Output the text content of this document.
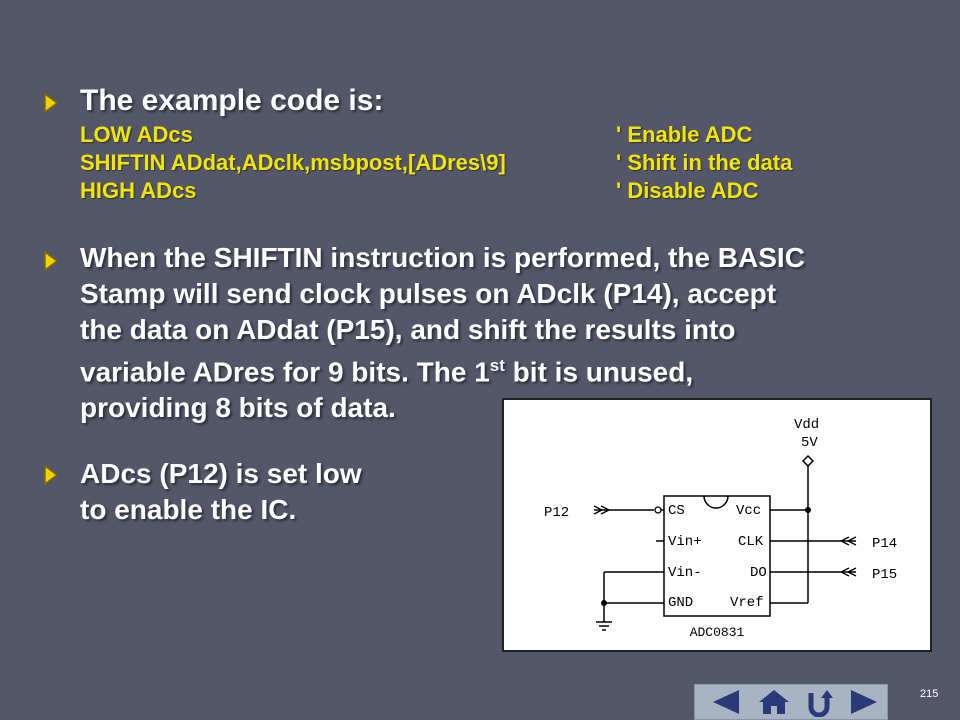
The example code is:
LOW ADcs	' Enable ADC
SHIFTIN ADdat,ADclk,msbpost,[ADres\9]	' Shift in the data
HIGH ADcs	' Disable ADC
When the SHIFTIN instruction is performed, the BASIC
Stamp will send clock pulses on ADclk (P14), accept
the data on ADdat (P15), and shift the results into
variable ADres for 9 bits. The 1st bit is unused,
providing 8 bits of data.
ADcs (P12) is set low
to enable the IC.
Vdd
5V
ADC0831
CS
Vin+
Vin-
GND
Vcc
CLK
DO
Vref
P12
P14
P15
215
